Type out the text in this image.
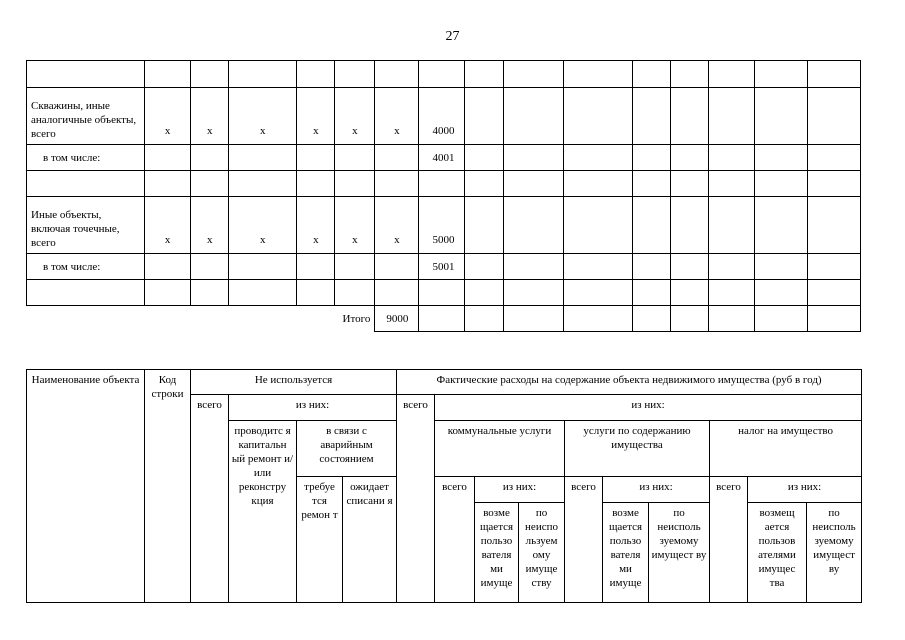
27

Скважины, иные аналогичные объекты, всего	x	x	x	x	x	x	4000								
в том числе:							4001								

Иные объекты, включая точечные, всего	x	x	x	x	x	x	5000								
в том числе:							5001								

					Итого	9000									
Наименование объекта	Код строки	Не используется				Фактические расходы на содержание объекта недвижимого имущества (руб в год)									
		всего	из них:			всего	из них:								
			проводитс я капитальн ый ремонт и/или реконстру кция	в связи с аварийным состоянием			коммунальные услуги			услуги по содержанию имущества			налог на имущество		
				требуе тся ремон т	ожидает списани я		всего	из них:		всего	из них:		всего	из них:	
								возме щается пользо вателя ми имуще	по неиспо льзуем ому имуще ству		возме щается пользо вателя ми имуще	по неисполь зуемому имущест ву		возмещ ается пользов ателями имущес тва	по неисполь зуемому имущест ву
